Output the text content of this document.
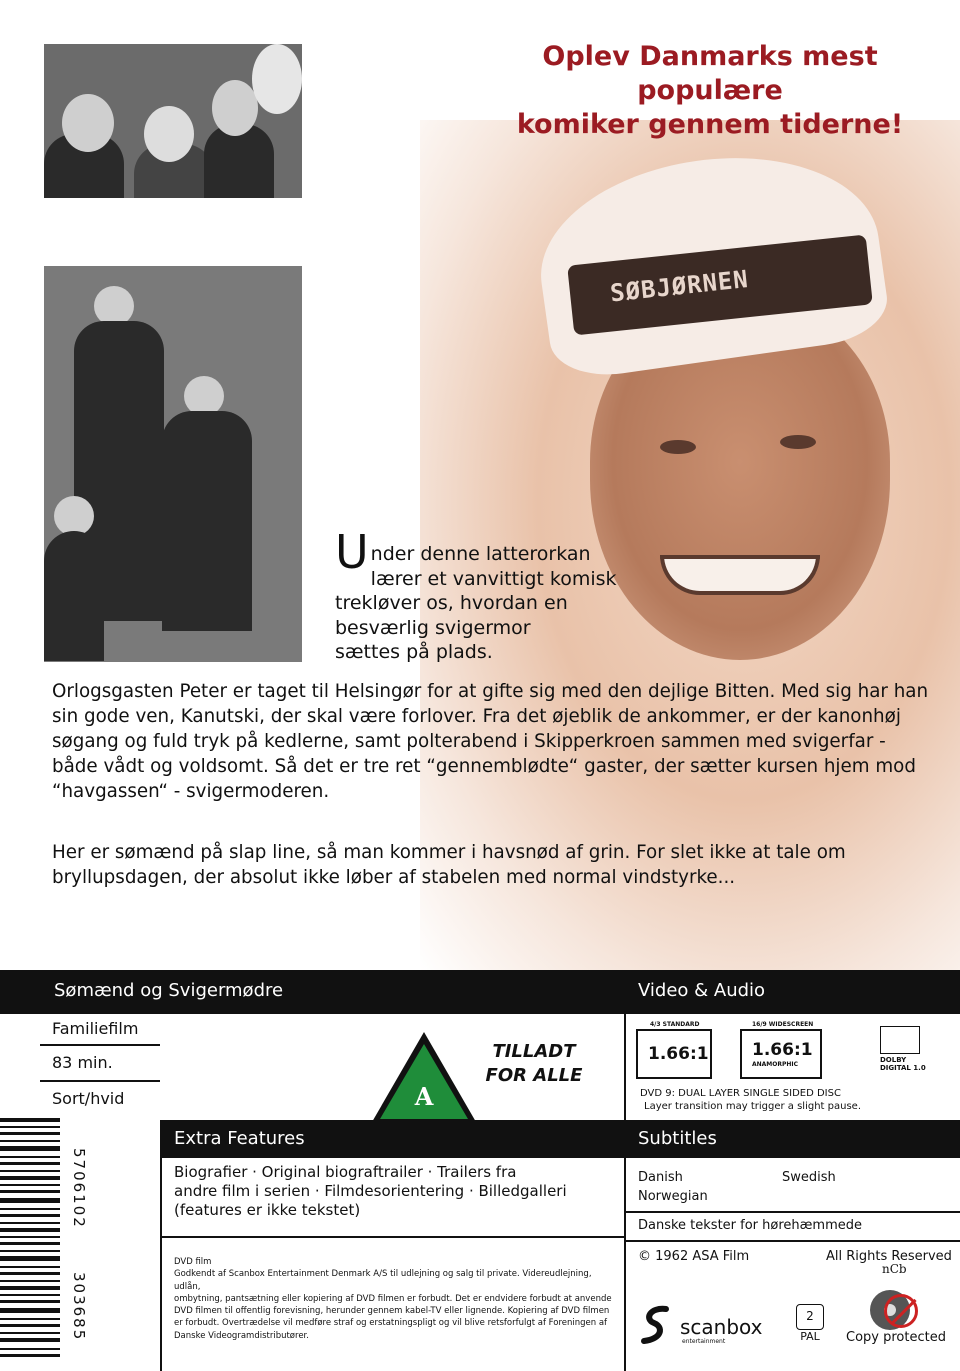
SØBJØRNEN
Oplev Danmarks mest populære
komiker gennem tiderne!
U nder denne latterorkan
lærer et vanvittigt komisk
trekløver os, hvordan en
besværlig svigermor
sættes på plads.

Orlogsgasten Peter er taget til Helsingør for at gifte sig med den dejlige Bitten. Med sig har han sin gode ven, Kanutski, der skal være forlover. Fra det øjeblik de ankommer, er der kanonhøj søgang og fuld tryk på kedlerne, samt polterabend i Skipperkroen sammen med svigerfar - både vådt og voldsomt. Så det er tre ret “gennemblødte“ gaster, der sætter kursen hjem mod “havgassen“ - svigermoderen.

Her er sømænd på slap line, så man kommer i havsnød af grin. For slet ikke at tale om bryllupsdagen, der absolut ikke løber af stabelen med normal vindstyrke...

Sømænd og Svigermødre	Video & Audio
Familiefilm
83 min.
Sort/hvid	A
TILLADT
FOR ALLE
4/3 STANDARD
1.66:1
16/9 WIDESCREEN
1.66:1
ANAMORPHIC
DOLBY
DIGITAL 1.0
DVD 9: DUAL LAYER SINGLE SIDED DISC
Layer transition may trigger a slight pause.
5706102
303685
Extra Features	Subtitles
Biografier · Original biograftrailer · Trailers fra
andre film i serien · Filmdesorientering · Billedgalleri
(features er ikke tekstet)
Danish	Swedish
Norwegian
Danske tekster for hørehæmmede
DVD film
Godkendt af Scanbox Entertainment Denmark A/S til udlejning og salg til private. Videreudlejning, udlån,
ombytning, pantsætning eller kopiering af DVD filmen er forbudt. Det er endvidere forbudt at anvende
DVD filmen til offentlig forevisning, herunder gennem kabel-TV eller lignende. Kopiering af DVD filmen
er forbudt. Overtrædelse vil medføre straf og erstatningspligt og vil blive retsforfulgt af Foreningen af
Danske Videogramdistributører.
© 1962 ASA Film	All Rights Reserved
nCb
scanbox
entertainment
2
PAL	Copy protected
